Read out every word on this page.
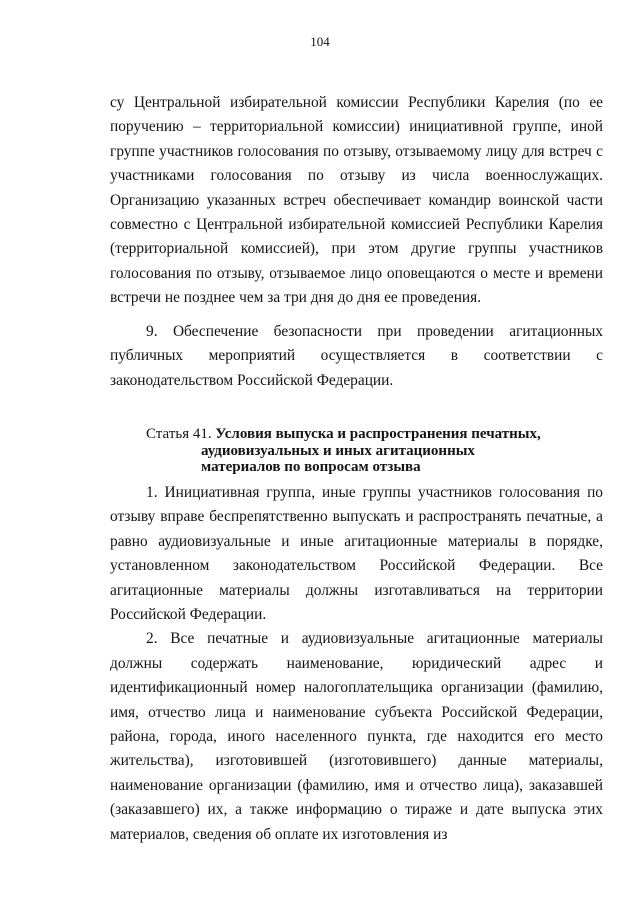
104

су Центральной избирательной комиссии Республики Карелия (по ее поручению – территориальной комиссии) инициативной группе, иной группе участников голосования по отзыву, отзываемому лицу для встреч с участниками голосования по отзыву из числа военнослужащих. Организацию указанных встреч обеспечивает командир воинской части совместно с Центральной избирательной комиссией Республики Карелия (территориальной комиссией), при этом другие группы участников голосования по отзыву, отзываемое лицо оповещаются о месте и времени встречи не позднее чем за три дня до дня ее проведения.

9. Обеспечение безопасности при проведении агитационных публичных мероприятий осуществляется в соответствии с законодательством Российской Федерации.

Статья 41. Условия выпуска и распространения печатных,
аудиовизуальных и иных агитационных
материалов по вопросам отзыва

1. Инициативная группа, иные группы участников голосования по отзыву вправе беспрепятственно выпускать и распространять печатные, а равно аудиовизуальные и иные агитационные материалы в порядке, установленном законодательством Российской Федерации. Все агитационные материалы должны изготавливаться на территории Российской Федерации.

2. Все печатные и аудиовизуальные агитационные материалы должны содержать наименование, юридический адрес и идентификационный номер налогоплательщика организации (фамилию, имя, отчество лица и наименование субъекта Российской Федерации, района, города, иного населенного пункта, где находится его место жительства), изготовившей (изготовившего) данные материалы, наименование организации (фамилию, имя и отчество лица), заказавшей (заказавшего) их, а также информацию о тираже и дате выпуска этих материалов, сведения об оплате их изготовления из
